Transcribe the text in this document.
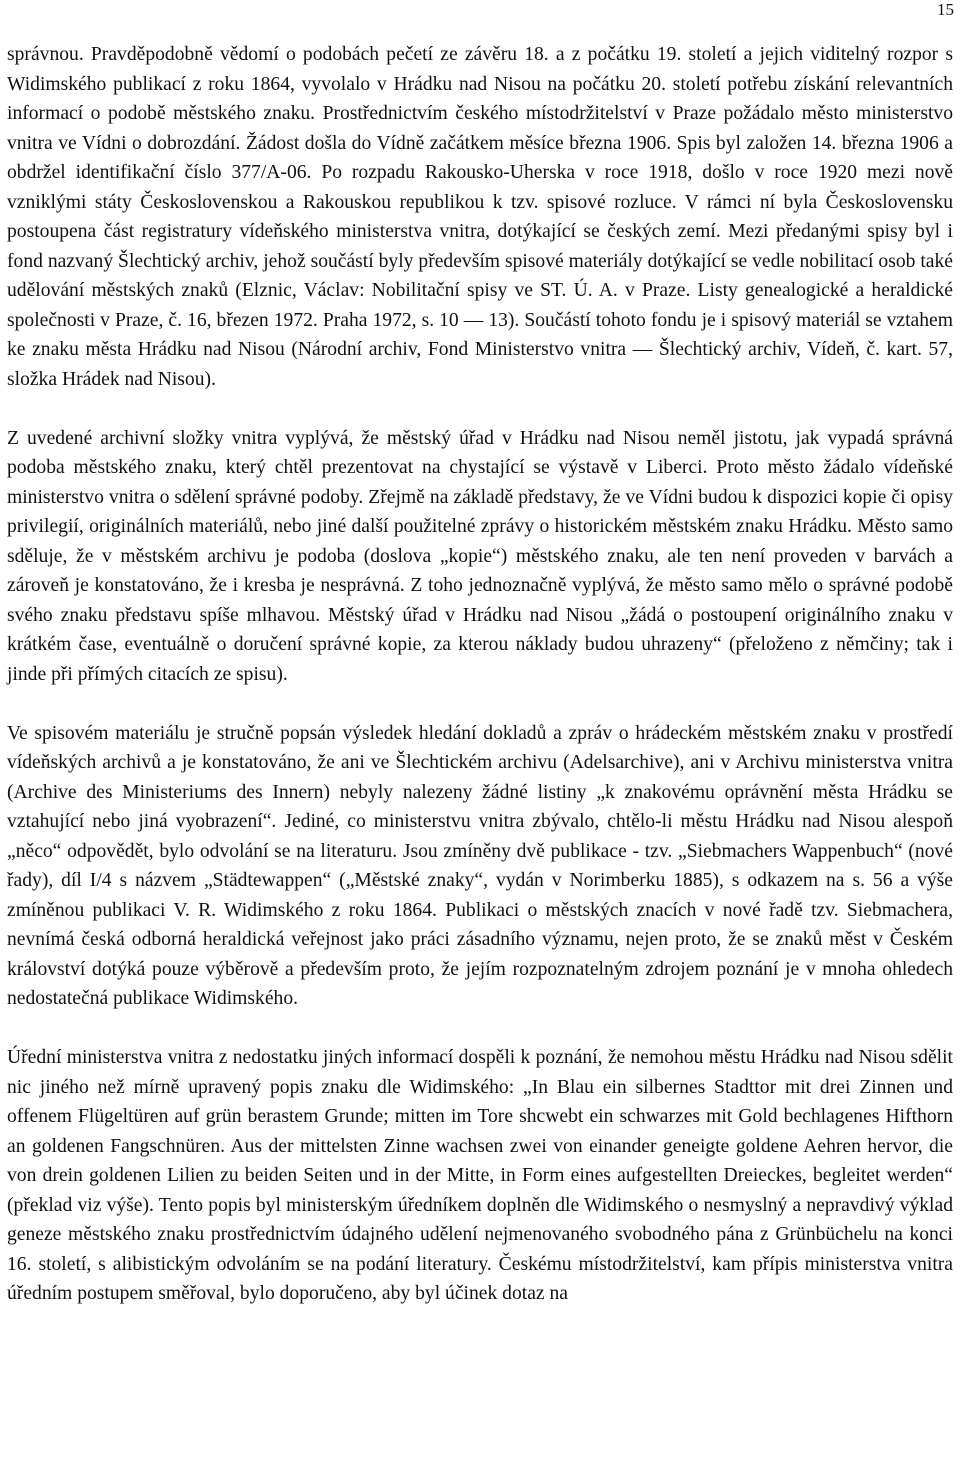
15

správnou. Pravděpodobně vědomí o podobách pečetí ze závěru 18. a z počátku 19. století a jejich viditelný rozpor s Widimského publikací z roku 1864, vyvolalo v Hrádku nad Nisou na počátku 20. století potřebu získání relevantních informací o podobě městského znaku. Prostřednictvím českého místodržitelství v Praze požádalo město ministerstvo vnitra ve Vídni o dobrozdání. Žádost došla do Vídně začátkem měsíce března 1906. Spis byl založen 14. března 1906 a obdržel identifikační číslo 377/A-06. Po rozpadu Rakousko-Uherska v roce 1918, došlo v roce 1920 mezi nově vzniklými státy Československou a Rakouskou republikou k tzv. spisové rozluce. V rámci ní byla Československu postoupena část registratury vídeňského ministerstva vnitra, dotýkající se českých zemí. Mezi předanými spisy byl i fond nazvaný Šlechtický archiv, jehož součástí byly především spisové materiály dotýkající se vedle nobilitací osob také udělování městských znaků (Elznic, Václav: Nobilitační spisy ve ST. Ú. A. v Praze. Listy genealogické a heraldické společnosti v Praze, č. 16, březen 1972. Praha 1972, s. 10 — 13). Součástí tohoto fondu je i spisový materiál se vztahem ke znaku města Hrádku nad Nisou (Národní archiv, Fond Ministerstvo vnitra — Šlechtický archiv, Vídeň, č. kart. 57, složka Hrádek nad Nisou).

Z uvedené archivní složky vnitra vyplývá, že městský úřad v Hrádku nad Nisou neměl jistotu, jak vypadá správná podoba městského znaku, který chtěl prezentovat na chystající se výstavě v Liberci. Proto město žádalo vídeňské ministerstvo vnitra o sdělení správné podoby. Zřejmě na základě představy, že ve Vídni budou k dispozici kopie či opisy privilegií, originálních materiálů, nebo jiné další použitelné zprávy o historickém městském znaku Hrádku. Město samo sděluje, že v městském archivu je podoba (doslova „kopie“) městského znaku, ale ten není proveden v barvách a zároveň je konstatováno, že i kresba je nesprávná. Z toho jednoznačně vyplývá, že město samo mělo o správné podobě svého znaku představu spíše mlhavou. Městský úřad v Hrádku nad Nisou „žádá o postoupení originálního znaku v krátkém čase, eventuálně o doručení správné kopie, za kterou náklady budou uhrazeny“ (přeloženo z němčiny; tak i jinde při přímých citacích ze spisu).

Ve spisovém materiálu je stručně popsán výsledek hledání dokladů a zpráv o hrádeckém městském znaku v prostředí vídeňských archivů a je konstatováno, že ani ve Šlechtickém archivu (Adelsarchive), ani v Archivu ministerstva vnitra (Archive des Ministeriums des Innern) nebyly nalezeny žádné listiny „k znakovému oprávnění města Hrádku se vztahující nebo jiná vyobrazení“. Jediné, co ministerstvu vnitra zbývalo, chtělo-li městu Hrádku nad Nisou alespoň „něco“ odpovědět, bylo odvolání se na literaturu. Jsou zmíněny dvě publikace - tzv. „Siebmachers Wappenbuch“ (nové řady), díl I/4 s názvem „Städtewappen“ („Městské znaky“, vydán v Norimberku 1885), s odkazem na s. 56 a výše zmíněnou publikaci V. R. Widimského z roku 1864. Publikaci o městských znacích v nové řadě tzv. Siebmachera, nevnímá česká odborná heraldická veřejnost jako práci zásadního významu, nejen proto, že se znaků měst v Českém království dotýká pouze výběrově a především proto, že jejím rozpoznatelným zdrojem poznání je v mnoha ohledech nedostatečná publikace Widimského.

Úřední ministerstva vnitra z nedostatku jiných informací dospěli k poznání, že nemohou městu Hrádku nad Nisou sdělit nic jiného než mírně upravený popis znaku dle Widimského: „In Blau ein silbernes Stadttor mit drei Zinnen und offenem Flügeltüren auf grün berastem Grunde; mitten im Tore shcwebt ein schwarzes mit Gold bechlagenes Hifthorn an goldenen Fangschnüren. Aus der mittelsten Zinne wachsen zwei von einander geneigte goldene Aehren hervor, die von drein goldenen Lilien zu beiden Seiten und in der Mitte, in Form eines aufgestellten Dreieckes, begleitet werden“ (překlad viz výše). Tento popis byl ministerským úředníkem doplněn dle Widimského o nesmyslný a nepravdivý výklad geneze městského znaku prostřednictvím údajného udělení nejmenovaného svobodného pána z Grünbüchelu na konci 16. století, s alibistickým odvoláním se na podání literatury. Českému místodržitelství, kam přípis ministerstva vnitra úředním postupem směřoval, bylo doporučeno, aby byl účinek dotaz na
